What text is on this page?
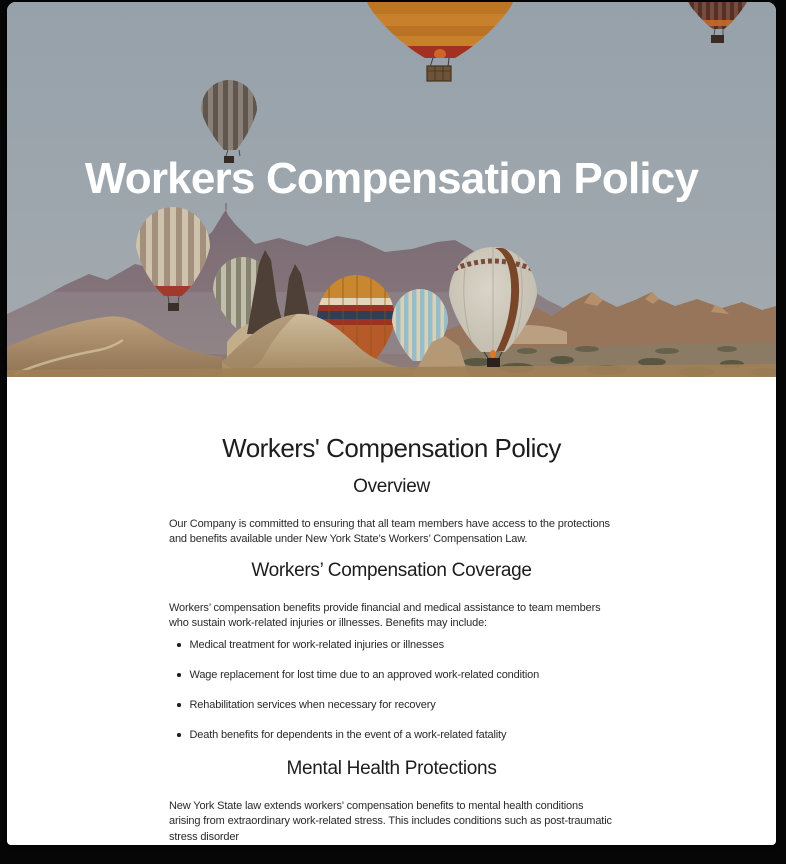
Workers Compensation Policy
Workers' Compensation Policy
Overview

Our Company is committed to ensuring that all team members have access to the protections and benefits available under New York State’s Workers’ Compensation Law.

Workers’ Compensation Coverage

Workers’ compensation benefits provide financial and medical assistance to team members who sustain work-related injuries or illnesses. Benefits may include:

Medical treatment for work-related injuries or illnesses
Wage replacement for lost time due to an approved work-related condition
Rehabilitation services when necessary for recovery
Death benefits for dependents in the event of a work-related fatality
Mental Health Protections

New York State law extends workers' compensation benefits to mental health conditions arising from extraordinary work-related stress. This includes conditions such as post-traumatic stress disorder
